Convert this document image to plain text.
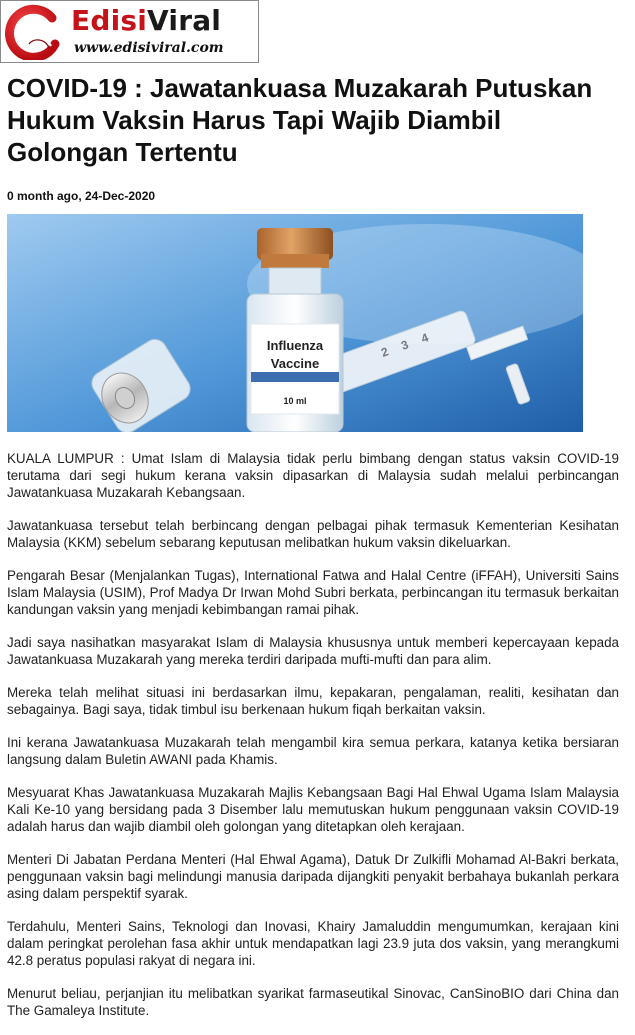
EdisiViral
www.edisiviral.com
COVID-19 : Jawatankuasa Muzakarah Putuskan Hukum Vaksin Harus Tapi Wajib Diambil Golongan Tertentu
0 month ago, 24-Dec-2020
2 3 4
Influenza
Vaccine
10 ml

KUALA LUMPUR : Umat Islam di Malaysia tidak perlu bimbang dengan status vaksin COVID-19 terutama dari segi hukum kerana vaksin dipasarkan di Malaysia sudah melalui perbincangan Jawatankuasa Muzakarah Kebangsaan.

Jawatankuasa tersebut telah berbincang dengan pelbagai pihak termasuk Kementerian Kesihatan Malaysia (KKM) sebelum sebarang keputusan melibatkan hukum vaksin dikeluarkan.

Pengarah Besar (Menjalankan Tugas), International Fatwa and Halal Centre (iFFAH), Universiti Sains Islam Malaysia (USIM), Prof Madya Dr Irwan Mohd Subri berkata, perbincangan itu termasuk berkaitan kandungan vaksin yang menjadi kebimbangan ramai pihak.

Jadi saya nasihatkan masyarakat Islam di Malaysia khususnya untuk memberi kepercayaan kepada Jawatankuasa Muzakarah yang mereka terdiri daripada mufti-mufti dan para alim.

Mereka telah melihat situasi ini berdasarkan ilmu, kepakaran, pengalaman, realiti, kesihatan dan sebagainya. Bagi saya, tidak timbul isu berkenaan hukum fiqah berkaitan vaksin.

Ini kerana Jawatankuasa Muzakarah telah mengambil kira semua perkara, katanya ketika bersiaran langsung dalam Buletin AWANI pada Khamis.

Mesyuarat Khas Jawatankuasa Muzakarah Majlis Kebangsaan Bagi Hal Ehwal Ugama Islam Malaysia Kali Ke-10 yang bersidang pada 3 Disember lalu memutuskan hukum penggunaan vaksin COVID-19 adalah harus dan wajib diambil oleh golongan yang ditetapkan oleh kerajaan.

Menteri Di Jabatan Perdana Menteri (Hal Ehwal Agama), Datuk Dr Zulkifli Mohamad Al-Bakri berkata, penggunaan vaksin bagi melindungi manusia daripada dijangkiti penyakit berbahaya bukanlah perkara asing dalam perspektif syarak.

Terdahulu, Menteri Sains, Teknologi dan Inovasi, Khairy Jamaluddin mengumumkan, kerajaan kini dalam peringkat perolehan fasa akhir untuk mendapatkan lagi 23.9 juta dos vaksin, yang merangkumi 42.8 peratus populasi rakyat di negara ini.

Menurut beliau, perjanjian itu melibatkan syarikat farmaseutikal Sinovac, CanSinoBIO dari China dan The Gamaleya Institute.
